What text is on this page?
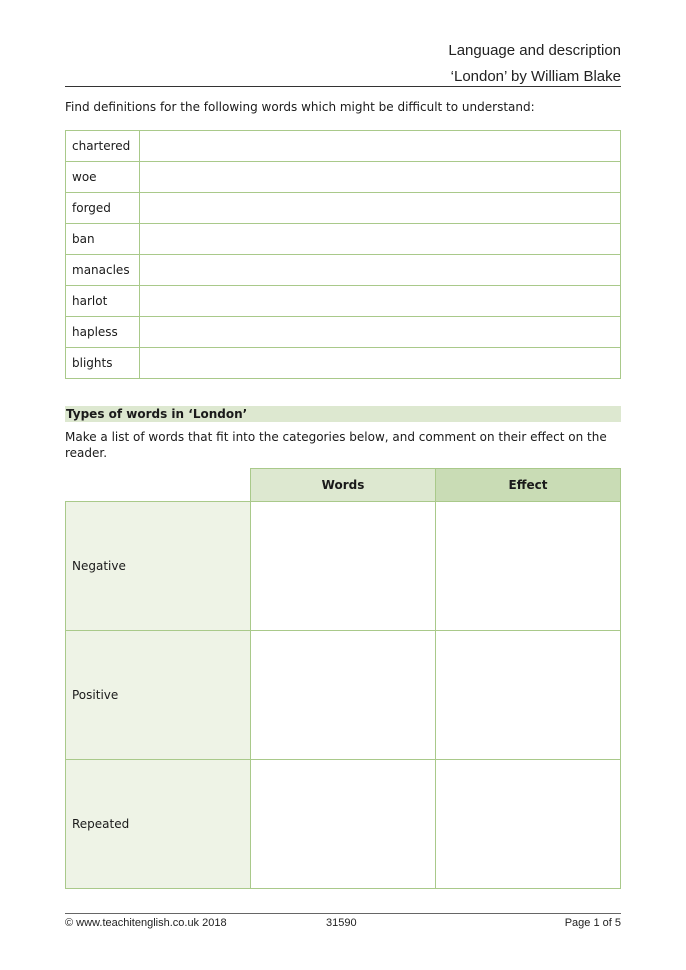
Language and description
‘London’ by William Blake
Find definitions for the following words which might be difficult to understand:
chartered	
woe	
forged	
ban	
manacles	
harlot	
hapless	
blights	
Types of words in ‘London’
Make a list of words that fit into the categories below, and comment on their effect on the reader.
	Words	Effect
Negative		
Positive		
Repeated		
© www.teachitenglish.co.uk 2018	31590	Page 1 of 5
